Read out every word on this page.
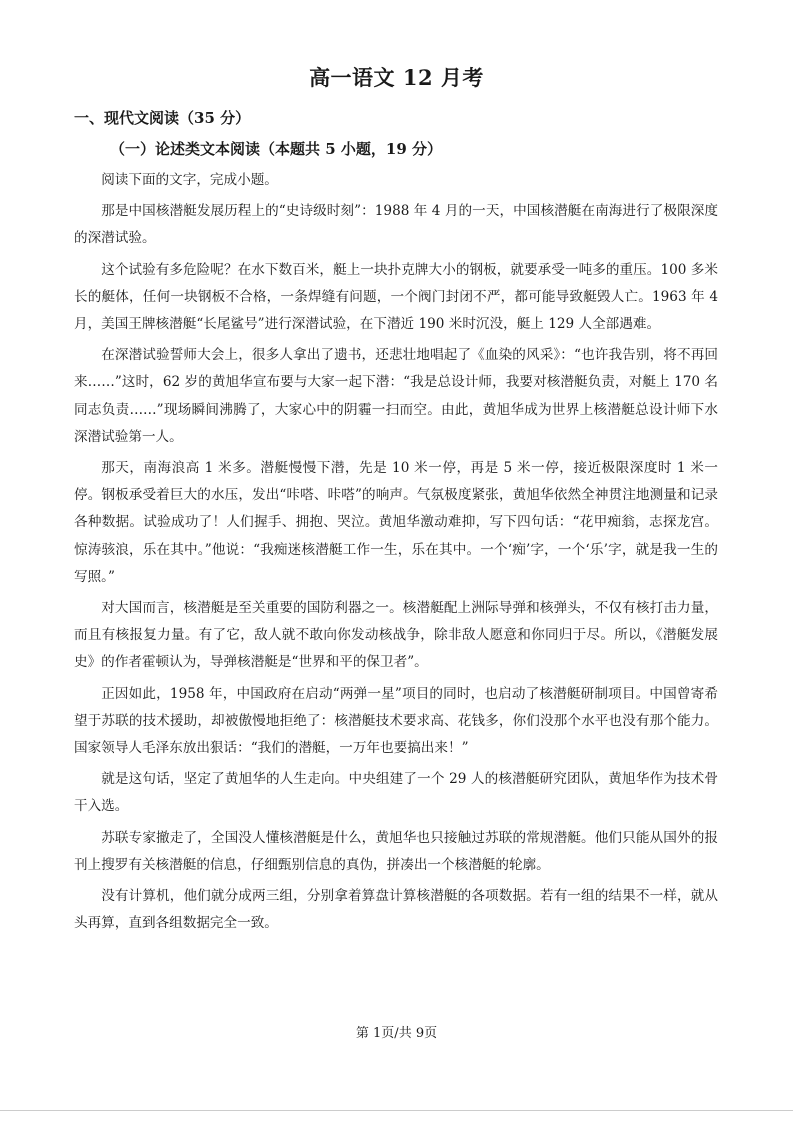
高一语文 12 月考
一、现代文阅读（35 分）
（一）论述类文本阅读（本题共 5 小题，19 分）

阅读下面的文字，完成小题。

那是中国核潜艇发展历程上的“史诗级时刻”：1988 年 4 月的一天，中国核潜艇在南海进行了极限深度的深潜试验。

这个试验有多危险呢？在水下数百米，艇上一块扑克牌大小的钢板，就要承受一吨多的重压。100 多米长的艇体，任何一块钢板不合格，一条焊缝有问题，一个阀门封闭不严，都可能导致艇毁人亡。1963 年 4 月，美国王牌核潜艇“长尾鲨号”进行深潜试验，在下潜近 190 米时沉没，艇上 129 人全部遇难。

在深潜试验誓师大会上，很多人拿出了遗书，还悲壮地唱起了《血染的风采》：“也许我告别，将不再回来……”这时，62 岁的黄旭华宣布要与大家一起下潜：“我是总设计师，我要对核潜艇负责，对艇上 170 名同志负责……”现场瞬间沸腾了，大家心中的阴霾一扫而空。由此，黄旭华成为世界上核潜艇总设计师下水深潜试验第一人。

那天，南海浪高 1 米多。潜艇慢慢下潜，先是 10 米一停，再是 5 米一停，接近极限深度时 1 米一停。钢板承受着巨大的水压，发出“咔嗒、咔嗒”的响声。气氛极度紧张，黄旭华依然全神贯注地测量和记录各种数据。试验成功了！人们握手、拥抱、哭泣。黄旭华激动难抑，写下四句话：“花甲痴翁，志探龙宫。惊涛骇浪，乐在其中。”他说：“我痴迷核潜艇工作一生，乐在其中。一个‘痴’字，一个‘乐’字，就是我一生的写照。”

对大国而言，核潜艇是至关重要的国防利器之一。核潜艇配上洲际导弹和核弹头，不仅有核打击力量，而且有核报复力量。有了它，敌人就不敢向你发动核战争，除非敌人愿意和你同归于尽。所以，《潜艇发展史》的作者霍顿认为，导弹核潜艇是“世界和平的保卫者”。

正因如此，1958 年，中国政府在启动“两弹一星”项目的同时，也启动了核潜艇研制项目。中国曾寄希望于苏联的技术援助，却被傲慢地拒绝了：核潜艇技术要求高、花钱多，你们没那个水平也没有那个能力。国家领导人毛泽东放出狠话：“我们的潜艇，一万年也要搞出来！”

就是这句话，坚定了黄旭华的人生走向。中央组建了一个 29 人的核潜艇研究团队，黄旭华作为技术骨干入选。

苏联专家撤走了，全国没人懂核潜艇是什么，黄旭华也只接触过苏联的常规潜艇。他们只能从国外的报刊上搜罗有关核潜艇的信息，仔细甄别信息的真伪，拼凑出一个核潜艇的轮廓。

没有计算机，他们就分成两三组，分别拿着算盘计算核潜艇的各项数据。若有一组的结果不一样，就从头再算，直到各组数据完全一致。

第 1页/共 9页
